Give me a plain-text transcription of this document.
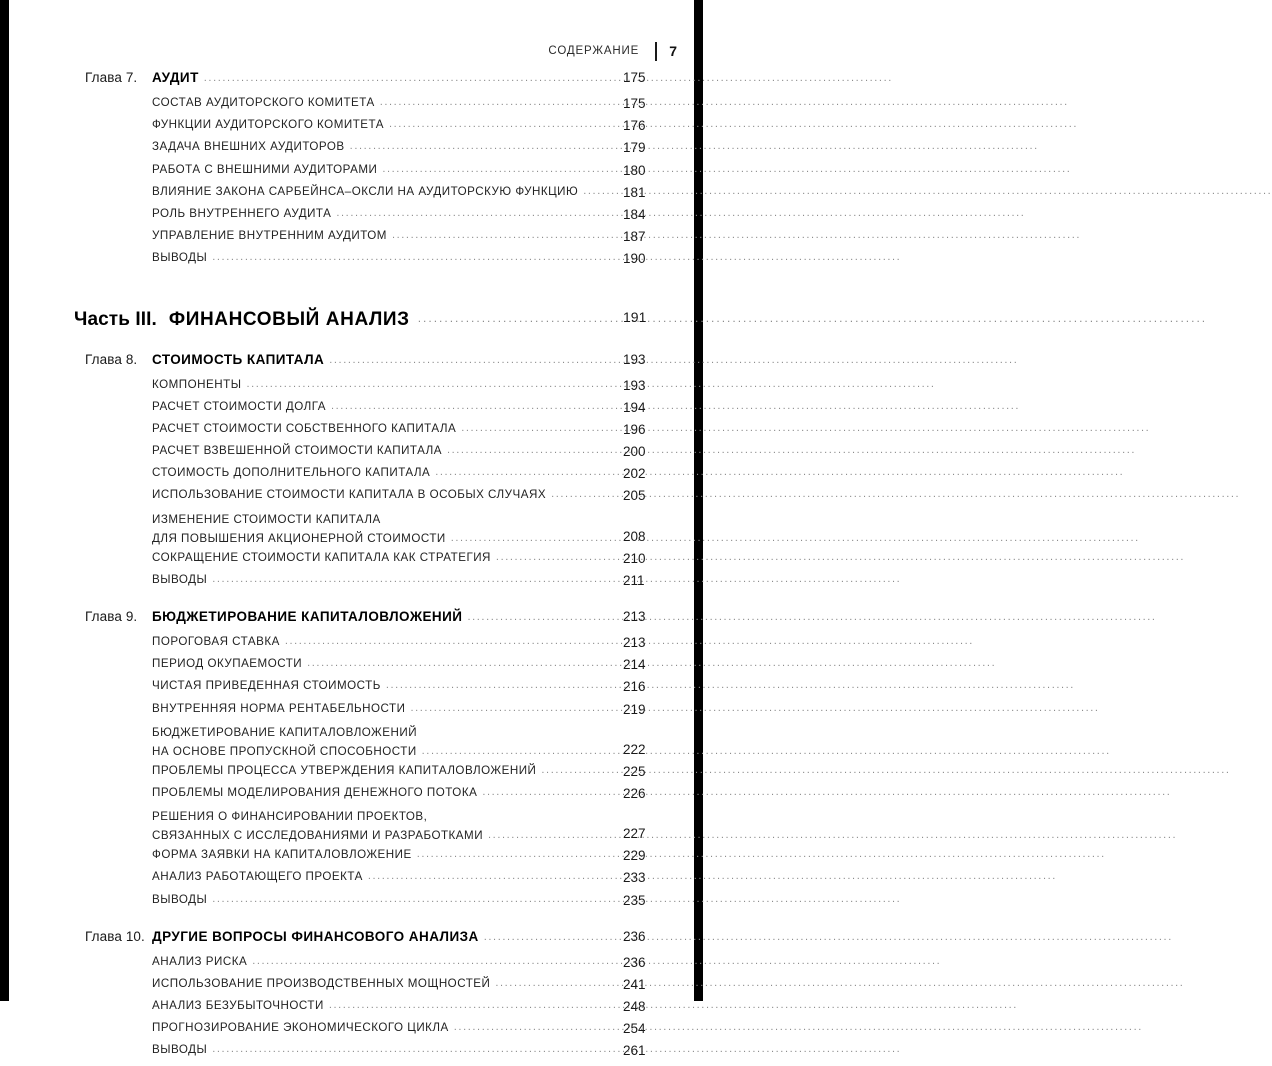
СОДЕРЖАНИЕ 7
Глава 7.	АУДИТ .....	175
СОСТАВ АУДИТОРСКОГО КОМИТЕТА .....	175
ФУНКЦИИ АУДИТОРСКОГО КОМИТЕТА .....	176
ЗАДАЧА ВНЕШНИХ АУДИТОРОВ .....	179
РАБОТА С ВНЕШНИМИ АУДИТОРАМИ .....	180
ВЛИЯНИЕ ЗАКОНА САРБЕЙНСА–ОКСЛИ НА АУДИТОРСКУЮ ФУНКЦИЮ .....	181
РОЛЬ ВНУТРЕННЕГО АУДИТА .....	184
УПРАВЛЕНИЕ ВНУТРЕННИМ АУДИТОМ .....	187
ВЫВОДЫ .....	190
Часть III. ФИНАНСОВЫЙ АНАЛИЗ .....	191
Глава 8.	СТОИМОСТЬ КАПИТАЛА .....	193
КОМПОНЕНТЫ .....	193
РАСЧЕТ СТОИМОСТИ ДОЛГА .....	194
РАСЧЕТ СТОИМОСТИ СОБСТВЕННОГО КАПИТАЛА .....	196
РАСЧЕТ ВЗВЕШЕННОЙ СТОИМОСТИ КАПИТАЛА .....	200
СТОИМОСТЬ ДОПОЛНИТЕЛЬНОГО КАПИТАЛА .....	202
ИСПОЛЬЗОВАНИЕ СТОИМОСТИ КАПИТАЛА В ОСОБЫХ СЛУЧАЯХ .....	205
ИЗМЕНЕНИЕ СТОИМОСТИ КАПИТАЛА
ДЛЯ ПОВЫШЕНИЯ АКЦИОНЕРНОЙ СТОИМОСТИ .....	208
СОКРАЩЕНИЕ СТОИМОСТИ КАПИТАЛА КАК СТРАТЕГИЯ .....	210
ВЫВОДЫ .....	211
Глава 9.	БЮДЖЕТИРОВАНИЕ КАПИТАЛОВЛОЖЕНИЙ .....	213
ПОРОГОВАЯ СТАВКА .....	213
ПЕРИОД ОКУПАЕМОСТИ .....	214
ЧИСТАЯ ПРИВЕДЕННАЯ СТОИМОСТЬ .....	216
ВНУТРЕННЯЯ НОРМА РЕНТАБЕЛЬНОСТИ .....	219
БЮДЖЕТИРОВАНИЕ КАПИТАЛОВЛОЖЕНИЙ
НА ОСНОВЕ ПРОПУСКНОЙ СПОСОБНОСТИ .....	222
ПРОБЛЕМЫ ПРОЦЕССА УТВЕРЖДЕНИЯ КАПИТАЛОВЛОЖЕНИЙ .....	225
ПРОБЛЕМЫ МОДЕЛИРОВАНИЯ ДЕНЕЖНОГО ПОТОКА .....	226
РЕШЕНИЯ О ФИНАНСИРОВАНИИ ПРОЕКТОВ,
СВЯЗАННЫХ С ИССЛЕДОВАНИЯМИ И РАЗРАБОТКАМИ .....	227
ФОРМА ЗАЯВКИ НА КАПИТАЛОВЛОЖЕНИЕ .....	229
АНАЛИЗ РАБОТАЮЩЕГО ПРОЕКТА .....	233
ВЫВОДЫ .....	235
Глава 10. ДРУГИЕ ВОПРОСЫ ФИНАНСОВОГО АНАЛИЗА .....	236
АНАЛИЗ РИСКА .....	236
ИСПОЛЬЗОВАНИЕ ПРОИЗВОДСТВЕННЫХ МОЩНОСТЕЙ .....	241
АНАЛИЗ БЕЗУБЫТОЧНОСТИ .....	248
ПРОГНОЗИРОВАНИЕ ЭКОНОМИЧЕСКОГО ЦИКЛА .....	254
ВЫВОДЫ .....	261
